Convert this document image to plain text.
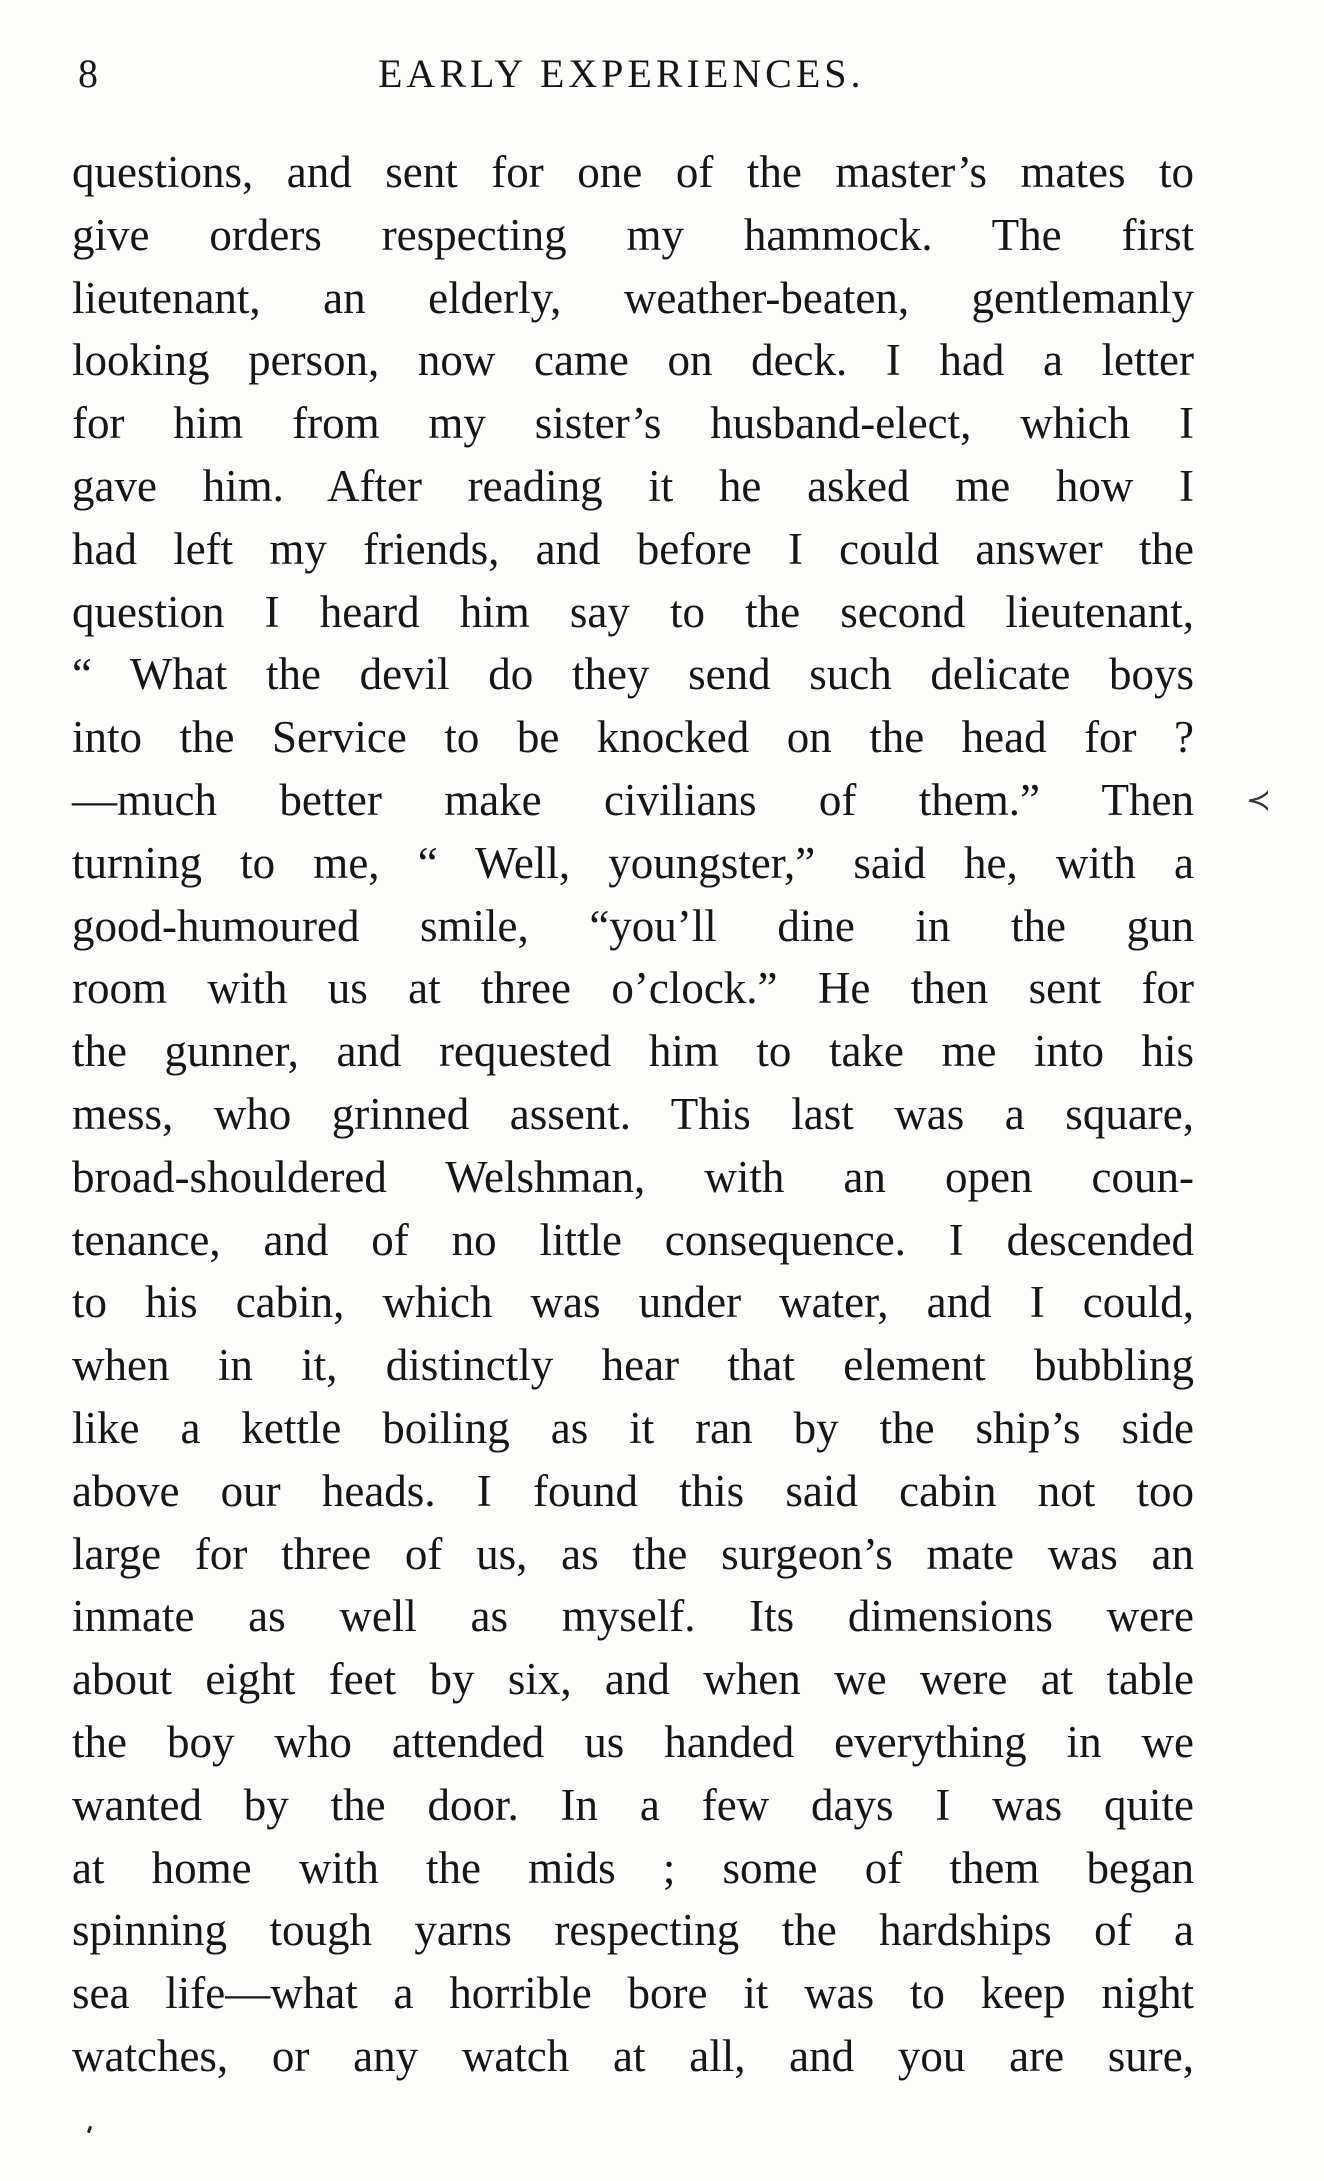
8	EARLY EXPERIENCES.
questions, and sent for one of the master’s mates to
give orders respecting my hammock. The first
lieutenant, an elderly, weather-beaten, gentlemanly
looking person, now came on deck. I had a letter
for him from my sister’s husband-elect, which I
gave him. After reading it he asked me how I
had left my friends, and before I could answer the
question I heard him say to the second lieutenant,
“ What the devil do they send such delicate boys
into the Service to be knocked on the head for ?
—much better make civilians of them.” Then
turning to me, “ Well, youngster,” said he, with a
good-humoured smile, “you’ll dine in the gun
room with us at three o’clock.” He then sent for
the gunner, and requested him to take me into his
mess, who grinned assent. This last was a square,
broad-shouldered Welshman, with an open coun-
tenance, and of no little consequence. I descended
to his cabin, which was under water, and I could,
when in it, distinctly hear that element bubbling
like a kettle boiling as it ran by the ship’s side
above our heads. I found this said cabin not too
large for three of us, as the surgeon’s mate was an
inmate as well as myself. Its dimensions were
about eight feet by six, and when we were at table
the boy who attended us handed everything in we
wanted by the door. In a few days I was quite
at home with the mids ; some of them began
spinning tough yarns respecting the hardships of a
sea life—what a horrible bore it was to keep night
watches, or any watch at all, and you are sure,
≺
